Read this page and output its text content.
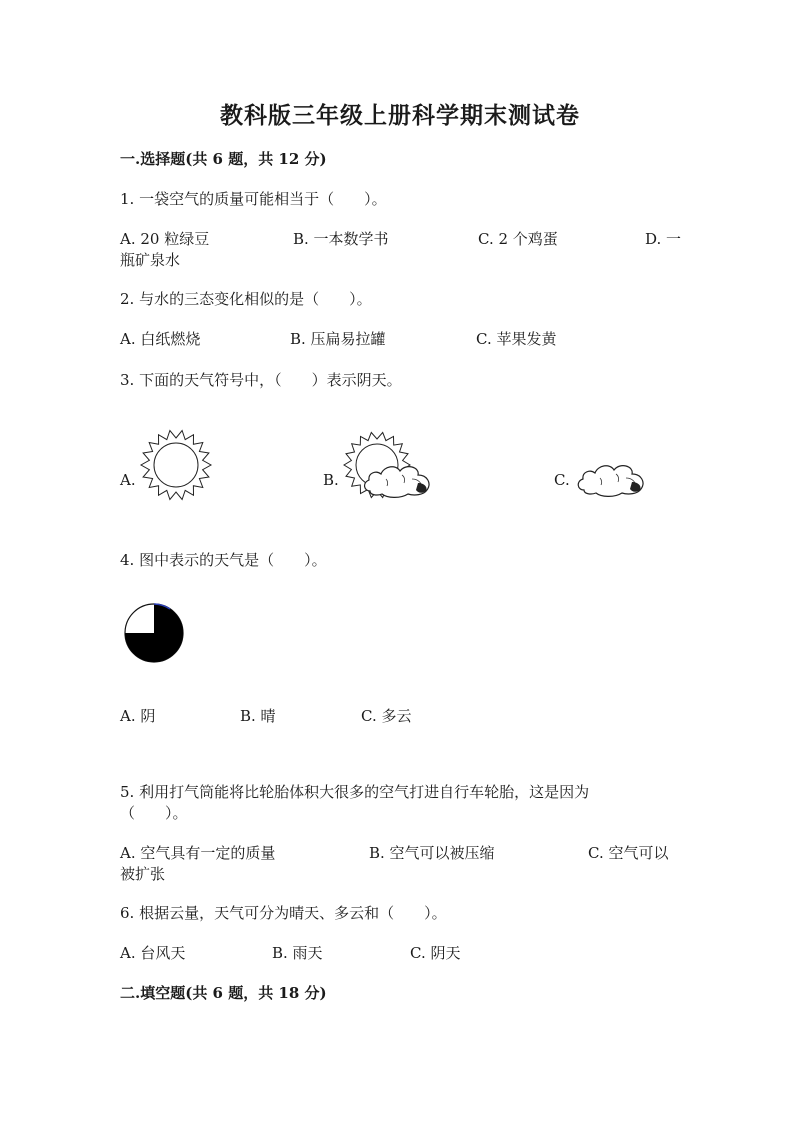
教科版三年级上册科学期末测试卷
一.选择题(共 6 题，共 12 分)
1. 一袋空气的质量可能相当于（　　）。
A. 20 粒绿豆	B. 一本数学书	C. 2 个鸡蛋	D. 一
瓶矿泉水
2. 与水的三态变化相似的是（　　）。
A. 白纸燃烧	B. 压扁易拉罐	C. 苹果发黄
3. 下面的天气符号中，（　　）表示阴天。
A.	B.	C.
4. 图中表示的天气是（　　）。
A. 阴	B. 晴	C. 多云
5. 利用打气筒能将比轮胎体积大很多的空气打进自行车轮胎，这是因为
（　　）。
A. 空气具有一定的质量	B. 空气可以被压缩	C. 空气可以
被扩张
6. 根据云量，天气可分为晴天、多云和（　　）。
A. 台风天	B. 雨天	C. 阴天
二.填空题(共 6 题，共 18 分)
